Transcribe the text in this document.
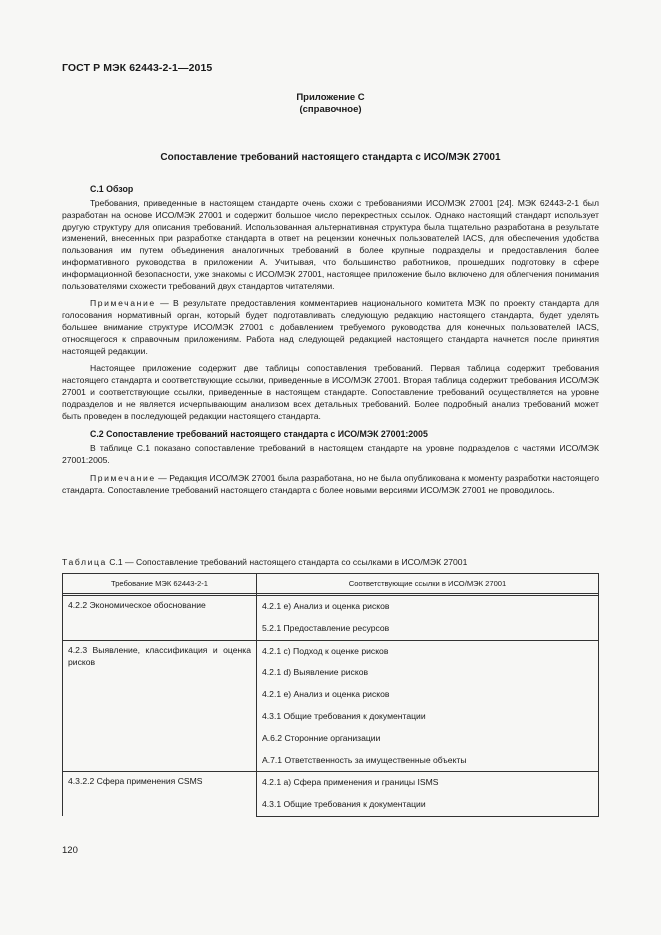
ГОСТ Р МЭК 62443-2-1—2015
Приложение С
(справочное)
Сопоставление требований настоящего стандарта с ИСО/МЭК 27001
С.1 Обзор

Требования, приведенные в настоящем стандарте очень схожи с требованиями ИСО/МЭК 27001 [24]. МЭК 62443-2-1 был разработан на основе ИСО/МЭК 27001 и содержит большое число перекрестных ссылок. Однако настоящий стандарт использует другую структуру для описания требований. Использованная альтернативная структура была тщательно разработана в результате изменений, внесенных при разработке стандарта в ответ на рецензии конечных пользователей IACS, для обеспечения удобства пользования им путем объединения аналогичных требований в более крупные подразделы и предоставления более информативного руководства в приложении А. Учитывая, что большинство работников, прошедших подготовку в сфере информационной безопасности, уже знакомы с ИСО/МЭК 27001, настоящее приложение было включено для облегчения понимания пользователями схожести требований двух стандартов читателями.

Примечание — В результате предоставления комментариев национального комитета МЭК по проекту стандарта для голосования нормативный орган, который будет подготавливать следующую редакцию настоящего стандарта, будет уделять большее внимание структуре ИСО/МЭК 27001 с добавлением требуемого руководства для конечных пользователей IACS, относящегося к справочным приложениям. Работа над следующей редакцией настоящего стандарта начнется после принятия настоящей редакции.

Настоящее приложение содержит две таблицы сопоставления требований. Первая таблица содержит требования настоящего стандарта и соответствующие ссылки, приведенные в ИСО/МЭК 27001. Вторая таблица содержит требования ИСО/МЭК 27001 и соответствующие ссылки, приведенные в настоящем стандарте. Сопоставление требований осуществляется на уровне подразделов и не является исчерпывающим анализом всех детальных требований. Более подробный анализ требований может быть проведен в последующей редакции настоящего стандарта.

С.2 Сопоставление требований настоящего стандарта с ИСО/МЭК 27001:2005

В таблице С.1 показано сопоставление требований в настоящем стандарте на уровне подразделов с частями ИСО/МЭК 27001:2005.

Примечание — Редакция ИСО/МЭК 27001 была разработана, но не была опубликована к моменту разработки настоящего стандарта. Сопоставление требований настоящего стандарта с более новыми версиями ИСО/МЭК 27001 не проводилось.

Таблица С.1 — Сопоставление требований настоящего стандарта со ссылками в ИСО/МЭК 27001
Требование МЭК 62443-2-1	Соответствующие ссылки в ИСО/МЭК 27001

4.2.2 Экономическое обоснование	4.2.1 е) Анализ и оценка рисков
	5.2.1 Предоставление ресурсов
4.2.3 Выявление, классификация и оценка рисков	4.2.1 с) Подход к оценке рисков
	4.2.1 d) Выявление рисков
	4.2.1 е) Анализ и оценка рисков
	4.3.1 Общие требования к документации
	А.6.2 Сторонние организации
	А.7.1 Ответственность за имущественные объекты
4.3.2.2 Сфера применения CSMS	4.2.1 а) Сфера применения и границы ISMS
	4.3.1 Общие требования к документации
120
